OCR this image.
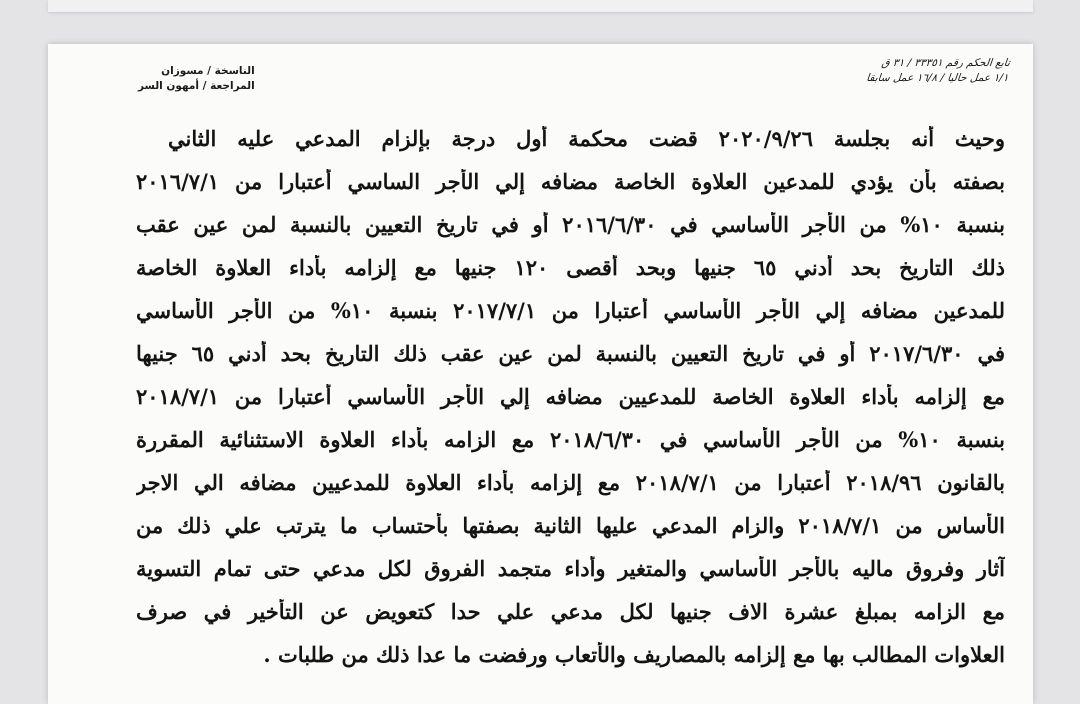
تابع الحكم رقم ٣٣٣٥١ / ٣١ ق
١/١ عمل حاليا / ١٦/٨ عمل سابقا
الناسخة / مسوزان
المراجعة / أمهون السر
وحيث أنه بجلسة ٢٠٢٠/٩/٢٦ قضت محكمة أول درجة بإلزام المدعي عليه الثاني
بصفته بأن يؤدي للمدعين العلاوة الخاصة مضافه إلي الأجر الساسي أعتبارا من ٢٠١٦/٧/١
بنسبة ١٠% من الأجر الأساسي في ٢٠١٦/٦/٣٠ أو في تاريخ التعيين بالنسبة لمن عين عقب
ذلك التاريخ بحد أدني ٦٥ جنيها وبحد أقصى ١٢٠ جنيها مع إلزامه بأداء العلاوة الخاصة
للمدعين مضافه إلي الأجر الأساسي أعتبارا من ٢٠١٧/٧/١ بنسبة ١٠% من الأجر الأساسي
في ٢٠١٧/٦/٣٠ أو في تاريخ التعيين بالنسبة لمن عين عقب ذلك التاريخ بحد أدني ٦٥ جنيها
مع إلزامه بأداء العلاوة الخاصة للمدعيين مضافه إلي الأجر الأساسي أعتبارا من ٢٠١٨/٧/١
بنسبة ١٠% من الأجر الأساسي في ٢٠١٨/٦/٣٠ مع الزامه بأداء العلاوة الاستثنائية المقررة
بالقانون ٢٠١٨/٩٦ أعتبارا من ٢٠١٨/٧/١ مع إلزامه بأداء العلاوة للمدعيين مضافه الي الاجر
الأساس من ٢٠١٨/٧/١ والزام المدعي عليها الثانية بصفتها بأحتساب ما يترتب علي ذلك من
آثار وفروق ماليه بالأجر الأساسي والمتغير وأداء متجمد الفروق لكل مدعي حتى تمام التسوية
مع الزامه بمبلغ عشرة الاف جنيها لكل مدعي علي حدا كتعويض عن التأخير في صرف
العلاوات المطالب بها مع إلزامه بالمصاريف والأتعاب ورفضت ما عدا ذلك من طلبات .
